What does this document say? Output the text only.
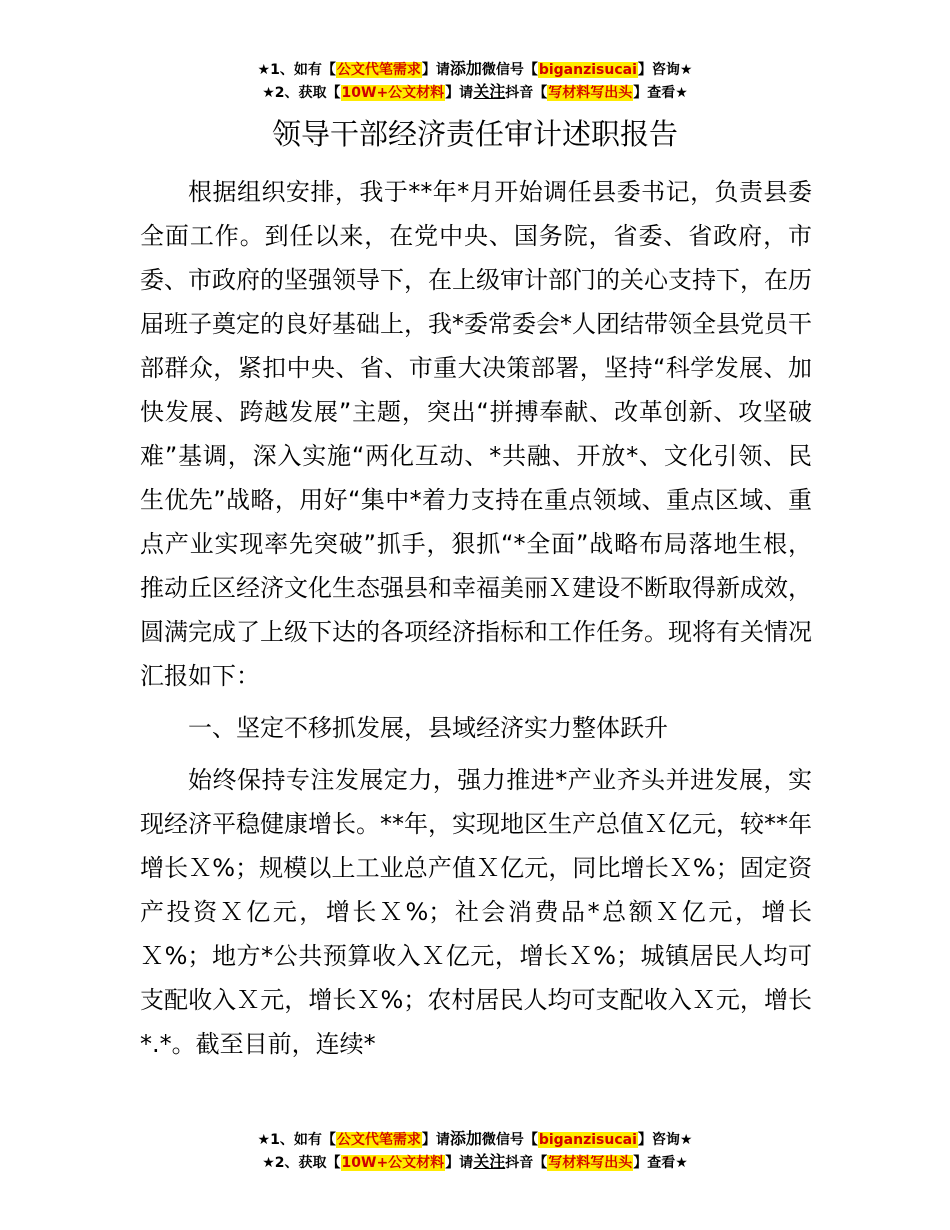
★1、如有【公文代笔需求】请添加微信号【biganzisucai】咨询★
★2、获取【10W+公文材料】请关注抖音【写材料写出头】查看★
领导干部经济责任审计述职报告

根据组织安排，我于**年*月开始调任县委书记，负责县委全面工作。到任以来，在党中央、国务院，省委、省政府，市委、市政府的坚强领导下，在上级审计部门的关心支持下，在历届班子奠定的良好基础上，我*委常委会*人团结带领全县党员干部群众，紧扣中央、省、市重大决策部署，坚持“科学发展、加快发展、跨越发展”主题，突出“拼搏奉献、改革创新、攻坚破难”基调，深入实施“两化互动、*共融、开放*、文化引领、民生优先”战略，用好“集中*着力支持在重点领域、重点区域、重点产业实现率先突破”抓手，狠抓“*全面”战略布局落地生根，推动丘区经济文化生态强县和幸福美丽Ｘ建设不断取得新成效，圆满完成了上级下达的各项经济指标和工作任务。现将有关情况汇报如下：

一、坚定不移抓发展，县域经济实力整体跃升

始终保持专注发展定力，强力推进*产业齐头并进发展，实现经济平稳健康增长。**年，实现地区生产总值Ｘ亿元，较**年增长Ｘ%；规模以上工业总产值Ｘ亿元，同比增长Ｘ%；固定资产投资Ｘ亿元，增长Ｘ%；社会消费品*总额Ｘ亿元，增长Ｘ%；地方*公共预算收入Ｘ亿元，增长Ｘ%；城镇居民人均可支配收入Ｘ元，增长Ｘ%；农村居民人均可支配收入Ｘ元，增长*.*。截至目前，连续*

★1、如有【公文代笔需求】请添加微信号【biganzisucai】咨询★
★2、获取【10W+公文材料】请关注抖音【写材料写出头】查看★
